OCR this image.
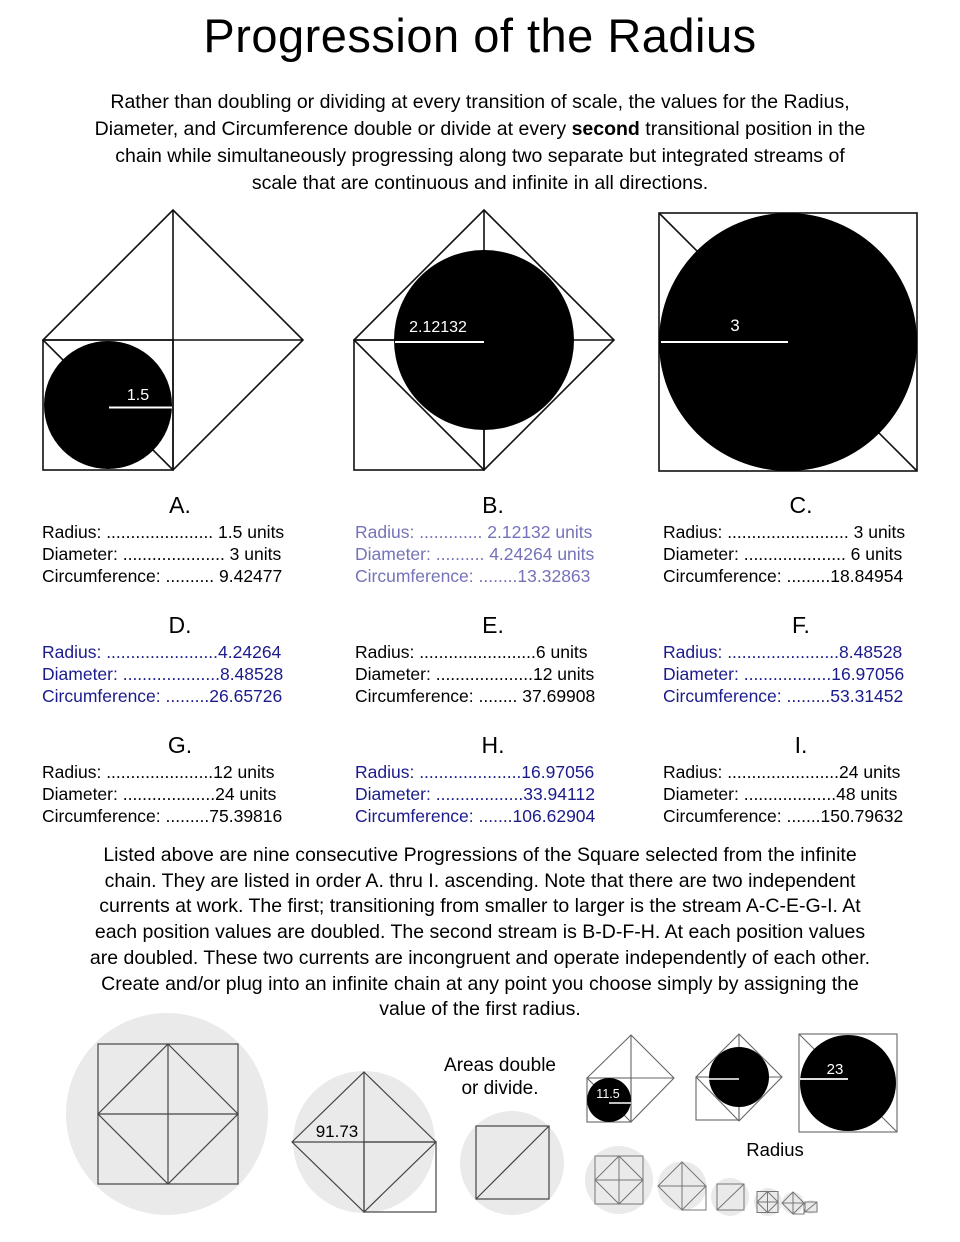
Progression of the Radius
Rather than doubling or dividing at every transition of scale, the values for the Radius,
Diameter, and Circumference double or divide at every second transitional position in the
chain while simultaneously progressing along two separate but integrated streams of
scale that are continuous and infinite in all directions.
1.5
2.12132	3
91.73
Areas double
or divide.	11.5
23
Radius
A.
Radius: ...................... 1.5 units
Diameter: ..................... 3 units
Circumference: .......... 9.42477
B.
Radius: ............. 2.12132 units
Diameter: .......... 4.24264 units
Circumference: ........13.32863
C.
Radius: ......................... 3 units
Diameter: ..................... 6 units
Circumference: .........18.84954
D.
Radius: .......................4.24264
Diameter: ....................8.48528
Circumference: .........26.65726
E.
Radius: ........................6 units
Diameter: ....................12 units
Circumference: ........ 37.69908
F.
Radius: .......................8.48528
Diameter: ..................16.97056
Circumference: .........53.31452
G.
Radius: ......................12 units
Diameter: ...................24 units
Circumference: .........75.39816
H.
Radius: .....................16.97056
Diameter: ..................33.94112
Circumference: .......106.62904
I.
Radius: .......................24 units
Diameter: ...................48 units
Circumference: .......150.79632
Listed above are nine consecutive Progressions of the Square selected from the infinite
chain. They are listed in order A. thru I. ascending. Note that there are two independent
currents at work. The first; transitioning from smaller to larger is the stream A-C-E-G-I. At
each position values are doubled. The second stream is B-D-F-H. At each position values
are doubled. These two currents are incongruent and operate independently of each other.
Create and/or plug into an infinite chain at any point you choose simply by assigning the
value of the first radius.
